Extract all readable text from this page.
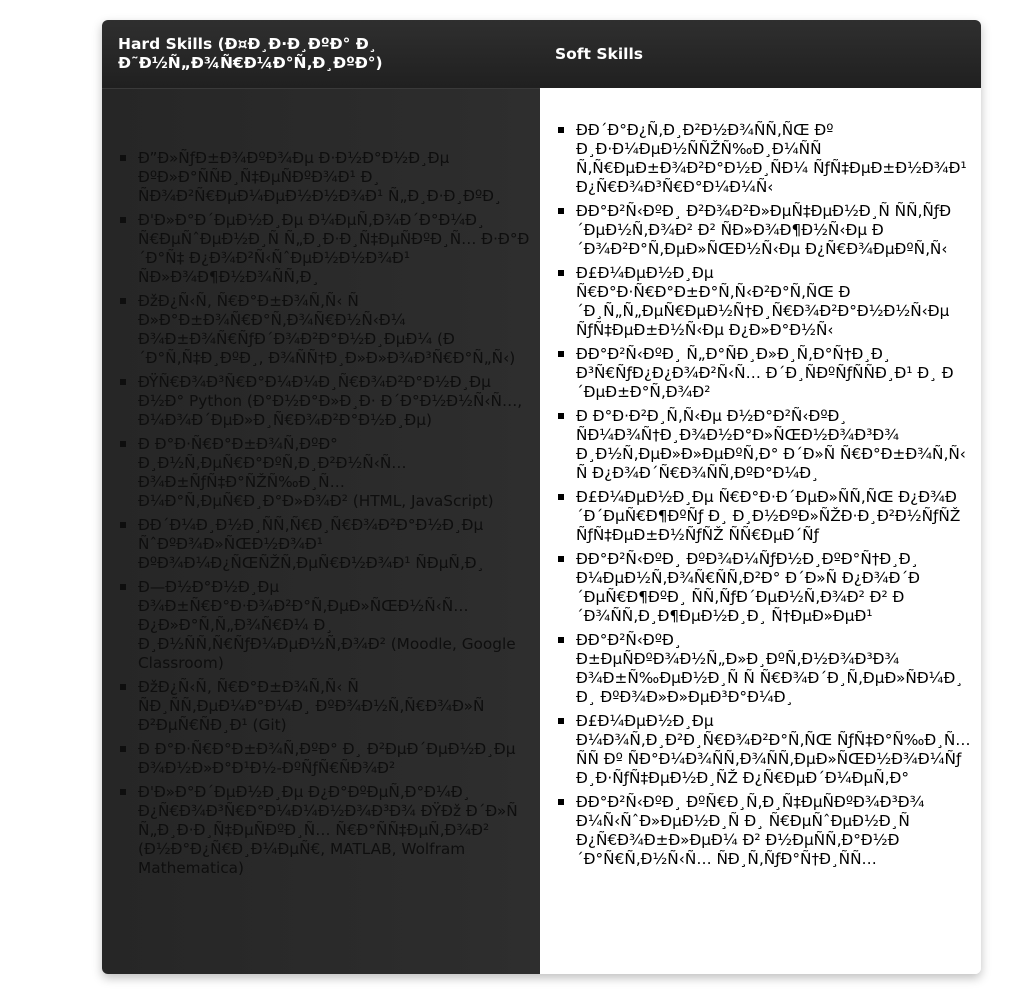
Hard Skills (Ð¤Ð¸Ð·Ð¸ÐºÐ° Ð¸ Ð˜Ð½Ñ„Ð¾Ñ€Ð¼Ð°Ñ‚Ð¸ÐºÐ°)
Soft Skills
Ð”Ð»ÑƒÐ±Ð¾ÐºÐ¾Ðµ Ð·Ð½Ð°Ð½Ð¸Ðµ ÐºÐ»Ð°ÑÑÐ¸Ñ‡ÐµÑÐºÐ¾Ð¹ Ð¸ ÑÐ¾Ð²Ñ€ÐµÐ¼ÐµÐ½Ð½Ð¾Ð¹ Ñ„Ð¸Ð·Ð¸ÐºÐ¸
Ð'Ð»Ð°Ð´ÐµÐ½Ð¸Ðµ Ð¼ÐµÑ‚Ð¾Ð´Ð°Ð¼Ð¸ Ñ€ÐµÑˆÐµÐ½Ð¸Ñ Ñ„Ð¸Ð·Ð¸Ñ‡ÐµÑÐºÐ¸Ñ… Ð·Ð°Ð´Ð°Ñ‡ Ð¿Ð¾Ð²Ñ‹ÑˆÐµÐ½Ð½Ð¾Ð¹ ÑÐ»Ð¾Ð¶Ð½Ð¾ÑÑ‚Ð¸
ÐžÐ¿Ñ‹Ñ‚ Ñ€Ð°Ð±Ð¾Ñ‚Ñ‹ Ñ Ð»Ð°Ð±Ð¾Ñ€Ð°Ñ‚Ð¾Ñ€Ð½Ñ‹Ð¼ Ð¾Ð±Ð¾Ñ€ÑƒÐ´Ð¾Ð²Ð°Ð½Ð¸ÐµÐ¼ (Ð´Ð°Ñ‚Ñ‡Ð¸ÐºÐ¸, Ð¾ÑÑ†Ð¸Ð»Ð»Ð¾Ð³Ñ€Ð°Ñ„Ñ‹)
ÐŸÑ€Ð¾Ð³Ñ€Ð°Ð¼Ð¼Ð¸Ñ€Ð¾Ð²Ð°Ð½Ð¸Ðµ Ð½Ð° Python (Ð°Ð½Ð°Ð»Ð¸Ð· Ð´Ð°Ð½Ð½Ñ‹Ñ…, Ð¼Ð¾Ð´ÐµÐ»Ð¸Ñ€Ð¾Ð²Ð°Ð½Ð¸Ðµ)
Ð Ð°Ð·Ñ€Ð°Ð±Ð¾Ñ‚ÐºÐ° Ð¸Ð½Ñ‚ÐµÑ€Ð°ÐºÑ‚Ð¸Ð²Ð½Ñ‹Ñ… Ð¾Ð±ÑƒÑ‡Ð°ÑŽÑ‰Ð¸Ñ… Ð¼Ð°Ñ‚ÐµÑ€Ð¸Ð°Ð»Ð¾Ð² (HTML, JavaScript)
ÐÐ´Ð¼Ð¸Ð½Ð¸ÑÑ‚Ñ€Ð¸Ñ€Ð¾Ð²Ð°Ð½Ð¸Ðµ ÑˆÐºÐ¾Ð»ÑŒÐ½Ð¾Ð¹ ÐºÐ¾Ð¼Ð¿ÑŒÑŽÑ‚ÐµÑ€Ð½Ð¾Ð¹ ÑÐµÑ‚Ð¸
Ð—Ð½Ð°Ð½Ð¸Ðµ Ð¾Ð±Ñ€Ð°Ð·Ð¾Ð²Ð°Ñ‚ÐµÐ»ÑŒÐ½Ñ‹Ñ… Ð¿Ð»Ð°Ñ‚Ñ„Ð¾Ñ€Ð¼ Ð¸ Ð¸Ð½ÑÑ‚Ñ€ÑƒÐ¼ÐµÐ½Ñ‚Ð¾Ð² (Moodle, Google Classroom)
ÐžÐ¿Ñ‹Ñ‚ Ñ€Ð°Ð±Ð¾Ñ‚Ñ‹ Ñ ÑÐ¸ÑÑ‚ÐµÐ¼Ð°Ð¼Ð¸ ÐºÐ¾Ð½Ñ‚Ñ€Ð¾Ð»Ñ Ð²ÐµÑ€ÑÐ¸Ð¹ (Git)
Ð Ð°Ð·Ñ€Ð°Ð±Ð¾Ñ‚ÐºÐ° Ð¸ Ð²ÐµÐ´ÐµÐ½Ð¸Ðµ Ð¾Ð½Ð»Ð°Ð¹Ð½-ÐºÑƒÑ€ÑÐ¾Ð²
Ð'Ð»Ð°Ð´ÐµÐ½Ð¸Ðµ Ð¿Ð°ÐºÐµÑ‚Ð°Ð¼Ð¸ Ð¿Ñ€Ð¾Ð³Ñ€Ð°Ð¼Ð¼Ð½Ð¾Ð³Ð¾ ÐŸÐž Ð´Ð»Ñ Ñ„Ð¸Ð·Ð¸Ñ‡ÐµÑÐºÐ¸Ñ… Ñ€Ð°ÑÑ‡ÐµÑ‚Ð¾Ð² (Ð½Ð°Ð¿Ñ€Ð¸Ð¼ÐµÑ€, MATLAB, Wolfram Mathematica)
ÐÐ´Ð°Ð¿Ñ‚Ð¸Ð²Ð½Ð¾ÑÑ‚ÑŒ Ðº Ð¸Ð·Ð¼ÐµÐ½ÑÑŽÑ‰Ð¸Ð¼ÑÑ Ñ‚Ñ€ÐµÐ±Ð¾Ð²Ð°Ð½Ð¸ÑÐ¼ ÑƒÑ‡ÐµÐ±Ð½Ð¾Ð¹ Ð¿Ñ€Ð¾Ð³Ñ€Ð°Ð¼Ð¼Ñ‹
ÐÐ°Ð²Ñ‹ÐºÐ¸ Ð²Ð¾Ð²Ð»ÐµÑ‡ÐµÐ½Ð¸Ñ ÑÑ‚ÑƒÐ´ÐµÐ½Ñ‚Ð¾Ð² Ð² ÑÐ»Ð¾Ð¶Ð½Ñ‹Ðµ Ð´Ð¾Ð²Ð°Ñ‚ÐµÐ»ÑŒÐ½Ñ‹Ðµ Ð¿Ñ€Ð¾ÐµÐºÑ‚Ñ‹
Ð£Ð¼ÐµÐ½Ð¸Ðµ Ñ€Ð°Ð·Ñ€Ð°Ð±Ð°Ñ‚Ñ‹Ð²Ð°Ñ‚ÑŒ Ð´Ð¸Ñ„Ñ„ÐµÑ€ÐµÐ½Ñ†Ð¸Ñ€Ð¾Ð²Ð°Ð½Ð½Ñ‹Ðµ ÑƒÑ‡ÐµÐ±Ð½Ñ‹Ðµ Ð¿Ð»Ð°Ð½Ñ‹
ÐÐ°Ð²Ñ‹ÐºÐ¸ Ñ„Ð°ÑÐ¸Ð»Ð¸Ñ‚Ð°Ñ†Ð¸Ð¸ Ð³Ñ€ÑƒÐ¿Ð¿Ð¾Ð²Ñ‹Ñ… Ð´Ð¸ÑÐºÑƒÑÑÐ¸Ð¹ Ð¸ Ð´ÐµÐ±Ð°Ñ‚Ð¾Ð²
Ð Ð°Ð·Ð²Ð¸Ñ‚Ñ‹Ðµ Ð½Ð°Ð²Ñ‹ÐºÐ¸ ÑÐ¼Ð¾Ñ†Ð¸Ð¾Ð½Ð°Ð»ÑŒÐ½Ð¾Ð³Ð¾ Ð¸Ð½Ñ‚ÐµÐ»Ð»ÐµÐºÑ‚Ð° Ð´Ð»Ñ Ñ€Ð°Ð±Ð¾Ñ‚Ñ‹ Ñ Ð¿Ð¾Ð´Ñ€Ð¾ÑÑ‚ÐºÐ°Ð¼Ð¸
Ð£Ð¼ÐµÐ½Ð¸Ðµ Ñ€Ð°Ð·Ð´ÐµÐ»ÑÑ‚ÑŒ Ð¿Ð¾Ð´Ð´ÐµÑ€Ð¶ÐºÑƒ Ð¸ Ð¸Ð½ÐºÐ»ÑŽÐ·Ð¸Ð²Ð½ÑƒÑŽ ÑƒÑ‡ÐµÐ±Ð½ÑƒÑŽ ÑÑ€ÐµÐ´Ñƒ
ÐÐ°Ð²Ñ‹ÐºÐ¸ ÐºÐ¾Ð¼ÑƒÐ½Ð¸ÐºÐ°Ñ†Ð¸Ð¸ Ð¼ÐµÐ½Ñ‚Ð¾Ñ€ÑÑ‚Ð²Ð° Ð´Ð»Ñ Ð¿Ð¾Ð´Ð´ÐµÑ€Ð¶ÐºÐ¸ ÑÑ‚ÑƒÐ´ÐµÐ½Ñ‚Ð¾Ð² Ð² Ð´Ð¾ÑÑ‚Ð¸Ð¶ÐµÐ½Ð¸Ð¸ Ñ†ÐµÐ»ÐµÐ¹
ÐÐ°Ð²Ñ‹ÐºÐ¸ Ð±ÐµÑÐºÐ¾Ð½Ñ„Ð»Ð¸ÐºÑ‚Ð½Ð¾Ð³Ð¾ Ð¾Ð±Ñ‰ÐµÐ½Ð¸Ñ Ñ Ñ€Ð¾Ð´Ð¸Ñ‚ÐµÐ»ÑÐ¼Ð¸ Ð¸ ÐºÐ¾Ð»Ð»ÐµÐ³Ð°Ð¼Ð¸
Ð£Ð¼ÐµÐ½Ð¸Ðµ Ð¼Ð¾Ñ‚Ð¸Ð²Ð¸Ñ€Ð¾Ð²Ð°Ñ‚ÑŒ ÑƒÑ‡Ð°Ñ‰Ð¸Ñ…ÑÑ Ðº ÑÐ°Ð¼Ð¾ÑÑ‚Ð¾ÑÑ‚ÐµÐ»ÑŒÐ½Ð¾Ð¼Ñƒ Ð¸Ð·ÑƒÑ‡ÐµÐ½Ð¸ÑŽ Ð¿Ñ€ÐµÐ´Ð¼ÐµÑ‚Ð°
ÐÐ°Ð²Ñ‹ÐºÐ¸ ÐºÑ€Ð¸Ñ‚Ð¸Ñ‡ÐµÑÐºÐ¾Ð³Ð¾ Ð¼Ñ‹ÑˆÐ»ÐµÐ½Ð¸Ñ Ð¸ Ñ€ÐµÑˆÐµÐ½Ð¸Ñ Ð¿Ñ€Ð¾Ð±Ð»ÐµÐ¼ Ð² Ð½ÐµÑÑ‚Ð°Ð½Ð´Ð°Ñ€Ñ‚Ð½Ñ‹Ñ… ÑÐ¸Ñ‚ÑƒÐ°Ñ†Ð¸ÑÑ…
